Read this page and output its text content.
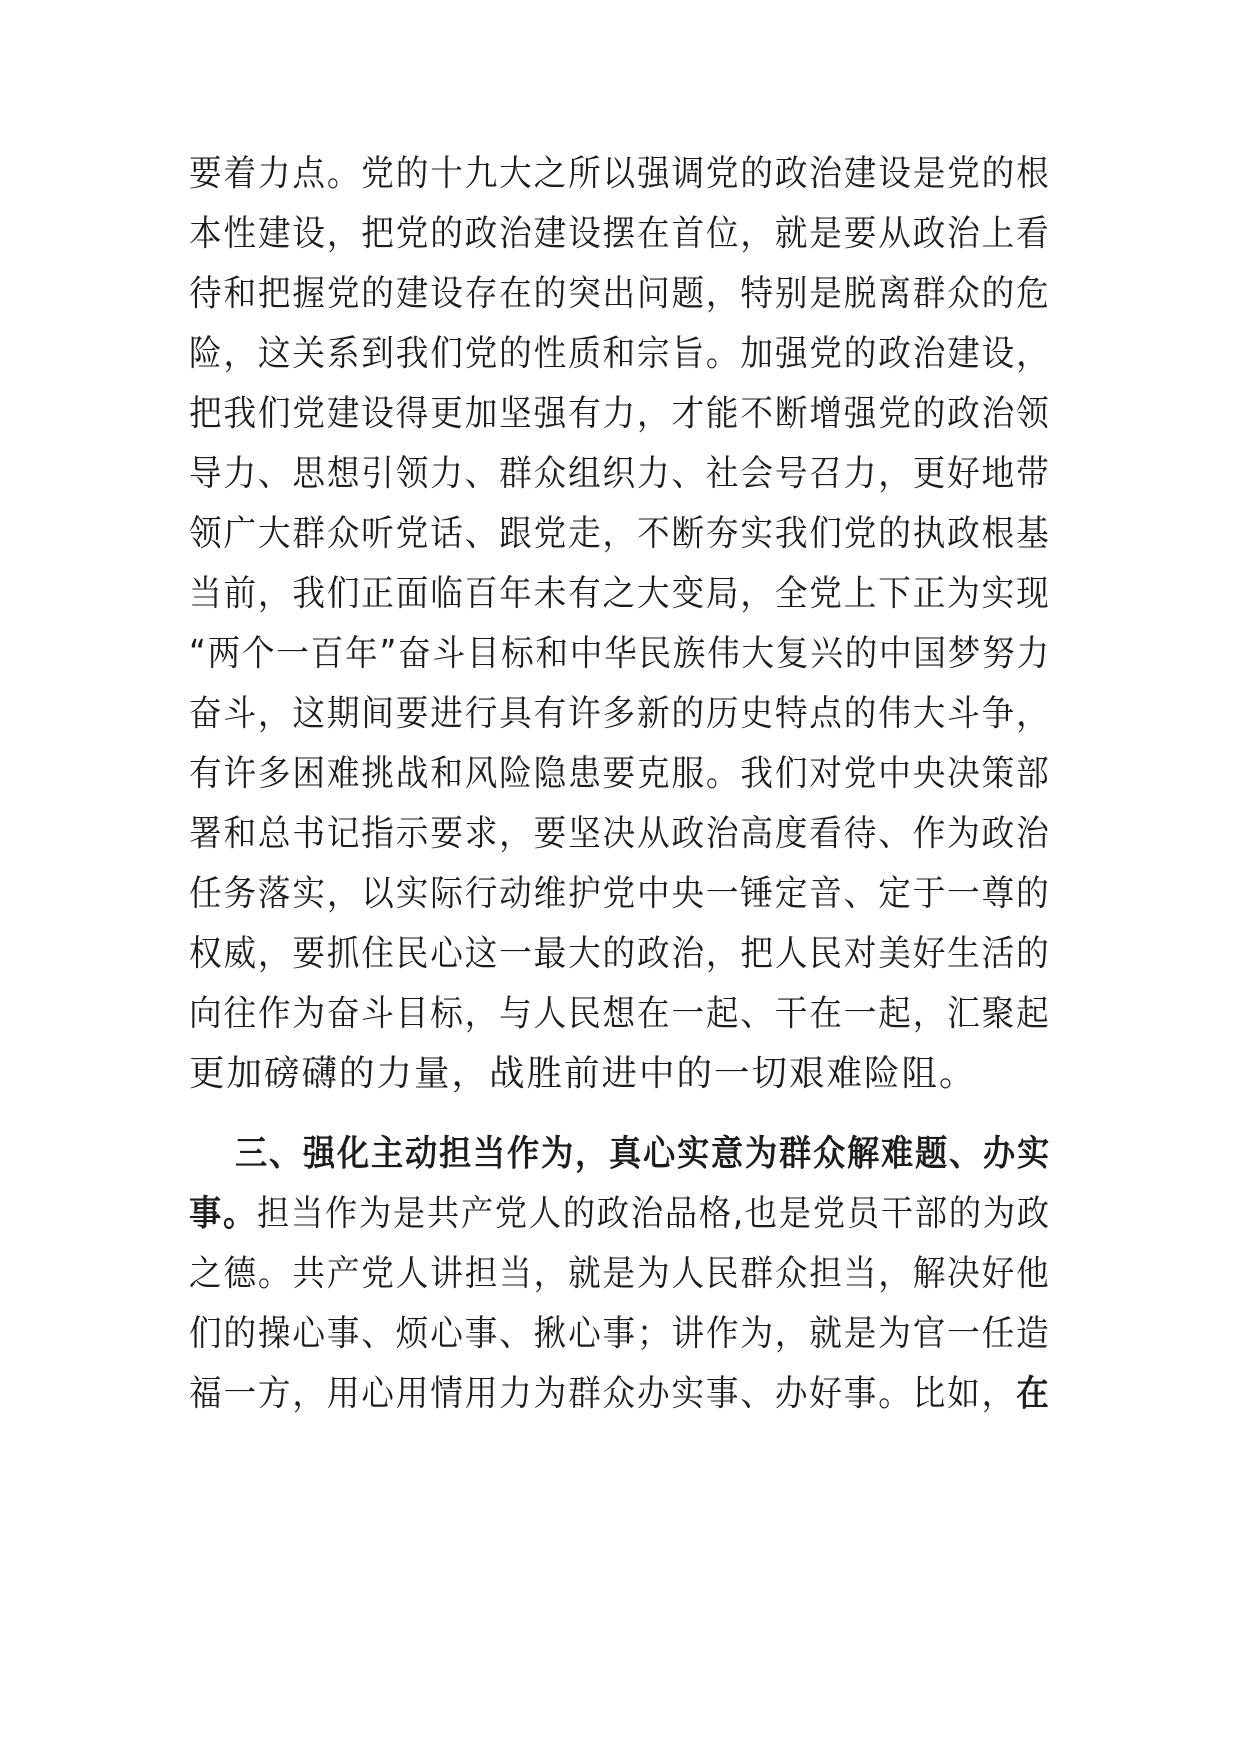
要着力点。党的十九大之所以强调党的政治建设是党的根
本性建设，把党的政治建设摆在首位，就是要从政治上看
待和把握党的建设存在的突出问题，特别是脱离群众的危
险，这关系到我们党的性质和宗旨。加强党的政治建设，
把我们党建设得更加坚强有力，才能不断增强党的政治领
导力、思想引领力、群众组织力、社会号召力，更好地带
领广大群众听党话、跟党走，不断夯实我们党的执政根基
当前，我们正面临百年未有之大变局，全党上下正为实现
“两个一百年”奋斗目标和中华民族伟大复兴的中国梦努力
奋斗，这期间要进行具有许多新的历史特点的伟大斗争，
有许多困难挑战和风险隐患要克服。我们对党中央决策部
署和总书记指示要求，要坚决从政治高度看待、作为政治
任务落实，以实际行动维护党中央一锤定音、定于一尊的
权威，要抓住民心这一最大的政治，把人民对美好生活的
向往作为奋斗目标，与人民想在一起、干在一起，汇聚起
更加磅礴的力量，战胜前进中的一切艰难险阻。
三、强化主动担当作为，真心实意为群众解难题、办实
事。担当作为是共产党人的政治品格,也是党员干部的为政
之德。共产党人讲担当，就是为人民群众担当，解决好他
们的操心事、烦心事、揪心事；讲作为，就是为官一任造
福一方，用心用情用力为群众办实事、办好事。比如，在
